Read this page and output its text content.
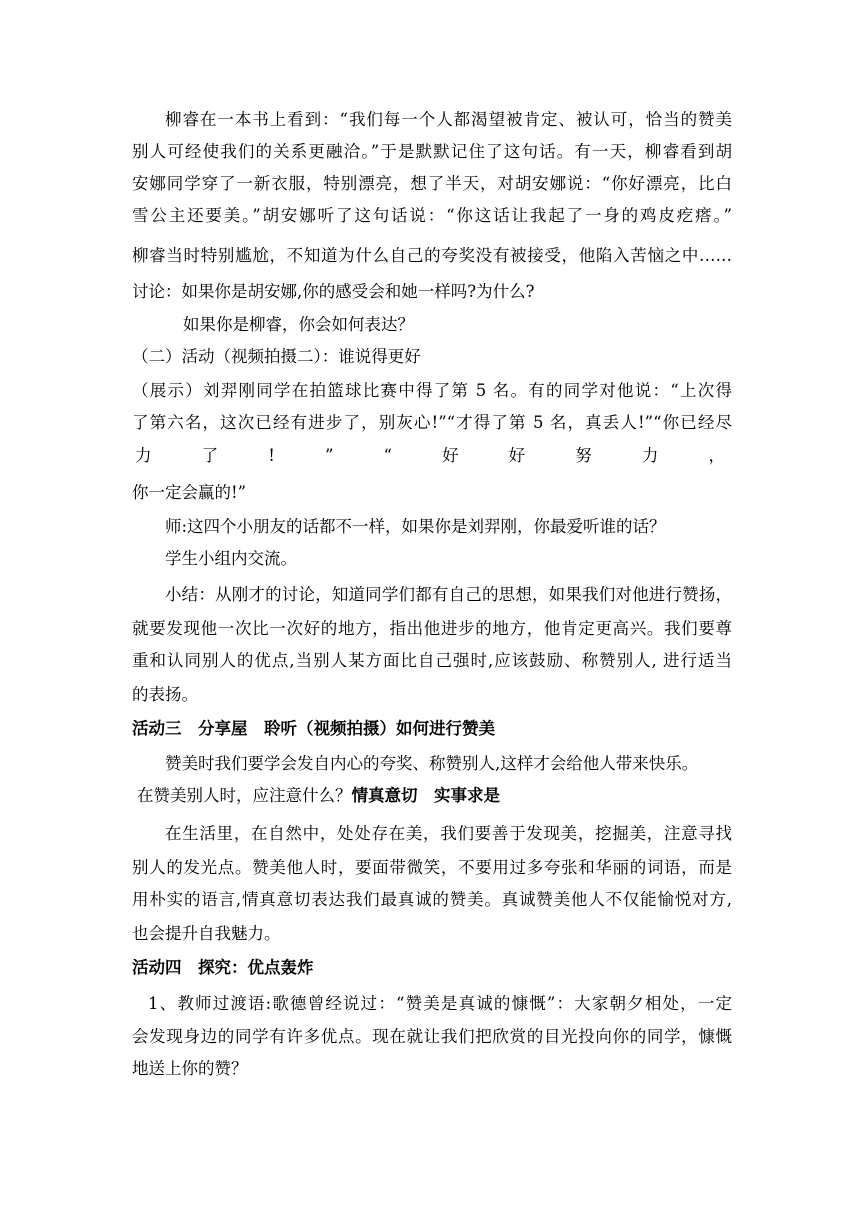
柳睿在一本书上看到：“我们每一个人都渴望被肯定、被认可，恰当的赞美
别人可经使我们的关系更融洽。”于是默默记住了这句话。有一天，柳睿看到胡
安娜同学穿了一新衣服，特别漂亮，想了半天，对胡安娜说：“你好漂亮，比白
雪公主还要美。”胡安娜听了这句话说：“你这话让我起了一身的鸡皮疙瘩。”
柳睿当时特别尴尬，不知道为什么自己的夸奖没有被接受，他陷入苦恼之中……
讨论：如果你是胡安娜,你的感受会和她一样吗?为什么?
如果你是柳睿，你会如何表达？
（二）活动（视频拍摄二）：谁说得更好
（展示）刘羿刚同学在拍篮球比赛中得了第 5 名。有的同学对他说：“上次得
了第六名，这次已经有进步了，别灰心!”“才得了第 5 名，真丢人!”“你已经尽
力	了	!	”	“	好	好	努	力	，
你一定会赢的!”
师:这四个小朋友的话都不一样，如果你是刘羿刚，你最爱听谁的话？
学生小组内交流。
小结：从刚才的讨论，知道同学们都有自己的思想，如果我们对他进行赞扬，
就要发现他一次比一次好的地方，指出他进步的地方，他肯定更高兴。我们要尊
重和认同别人的优点,当别人某方面比自己强时,应该鼓励、称赞别人, 进行适当
的表扬。
活动三　分享屋　聆听（视频拍摄）如何进行赞美
赞美时我们要学会发自内心的夸奖、称赞别人,这样才会给他人带来快乐。
在赞美别人时，应注意什么？情真意切　实事求是
在生活里，在自然中，处处存在美，我们要善于发现美，挖掘美，注意寻找
别人的发光点。赞美他人时，要面带微笑，不要用过多夸张和华丽的词语，而是
用朴实的语言,情真意切表达我们最真诚的赞美。真诚赞美他人不仅能愉悦对方,
也会提升自我魅力。
活动四　探究：优点轰炸
1、教师过渡语:歌德曾经说过：“赞美是真诚的慷慨”：大家朝夕相处，一定
会发现身边的同学有许多优点。现在就让我们把欣赏的目光投向你的同学，慷慨
地送上你的赞？
